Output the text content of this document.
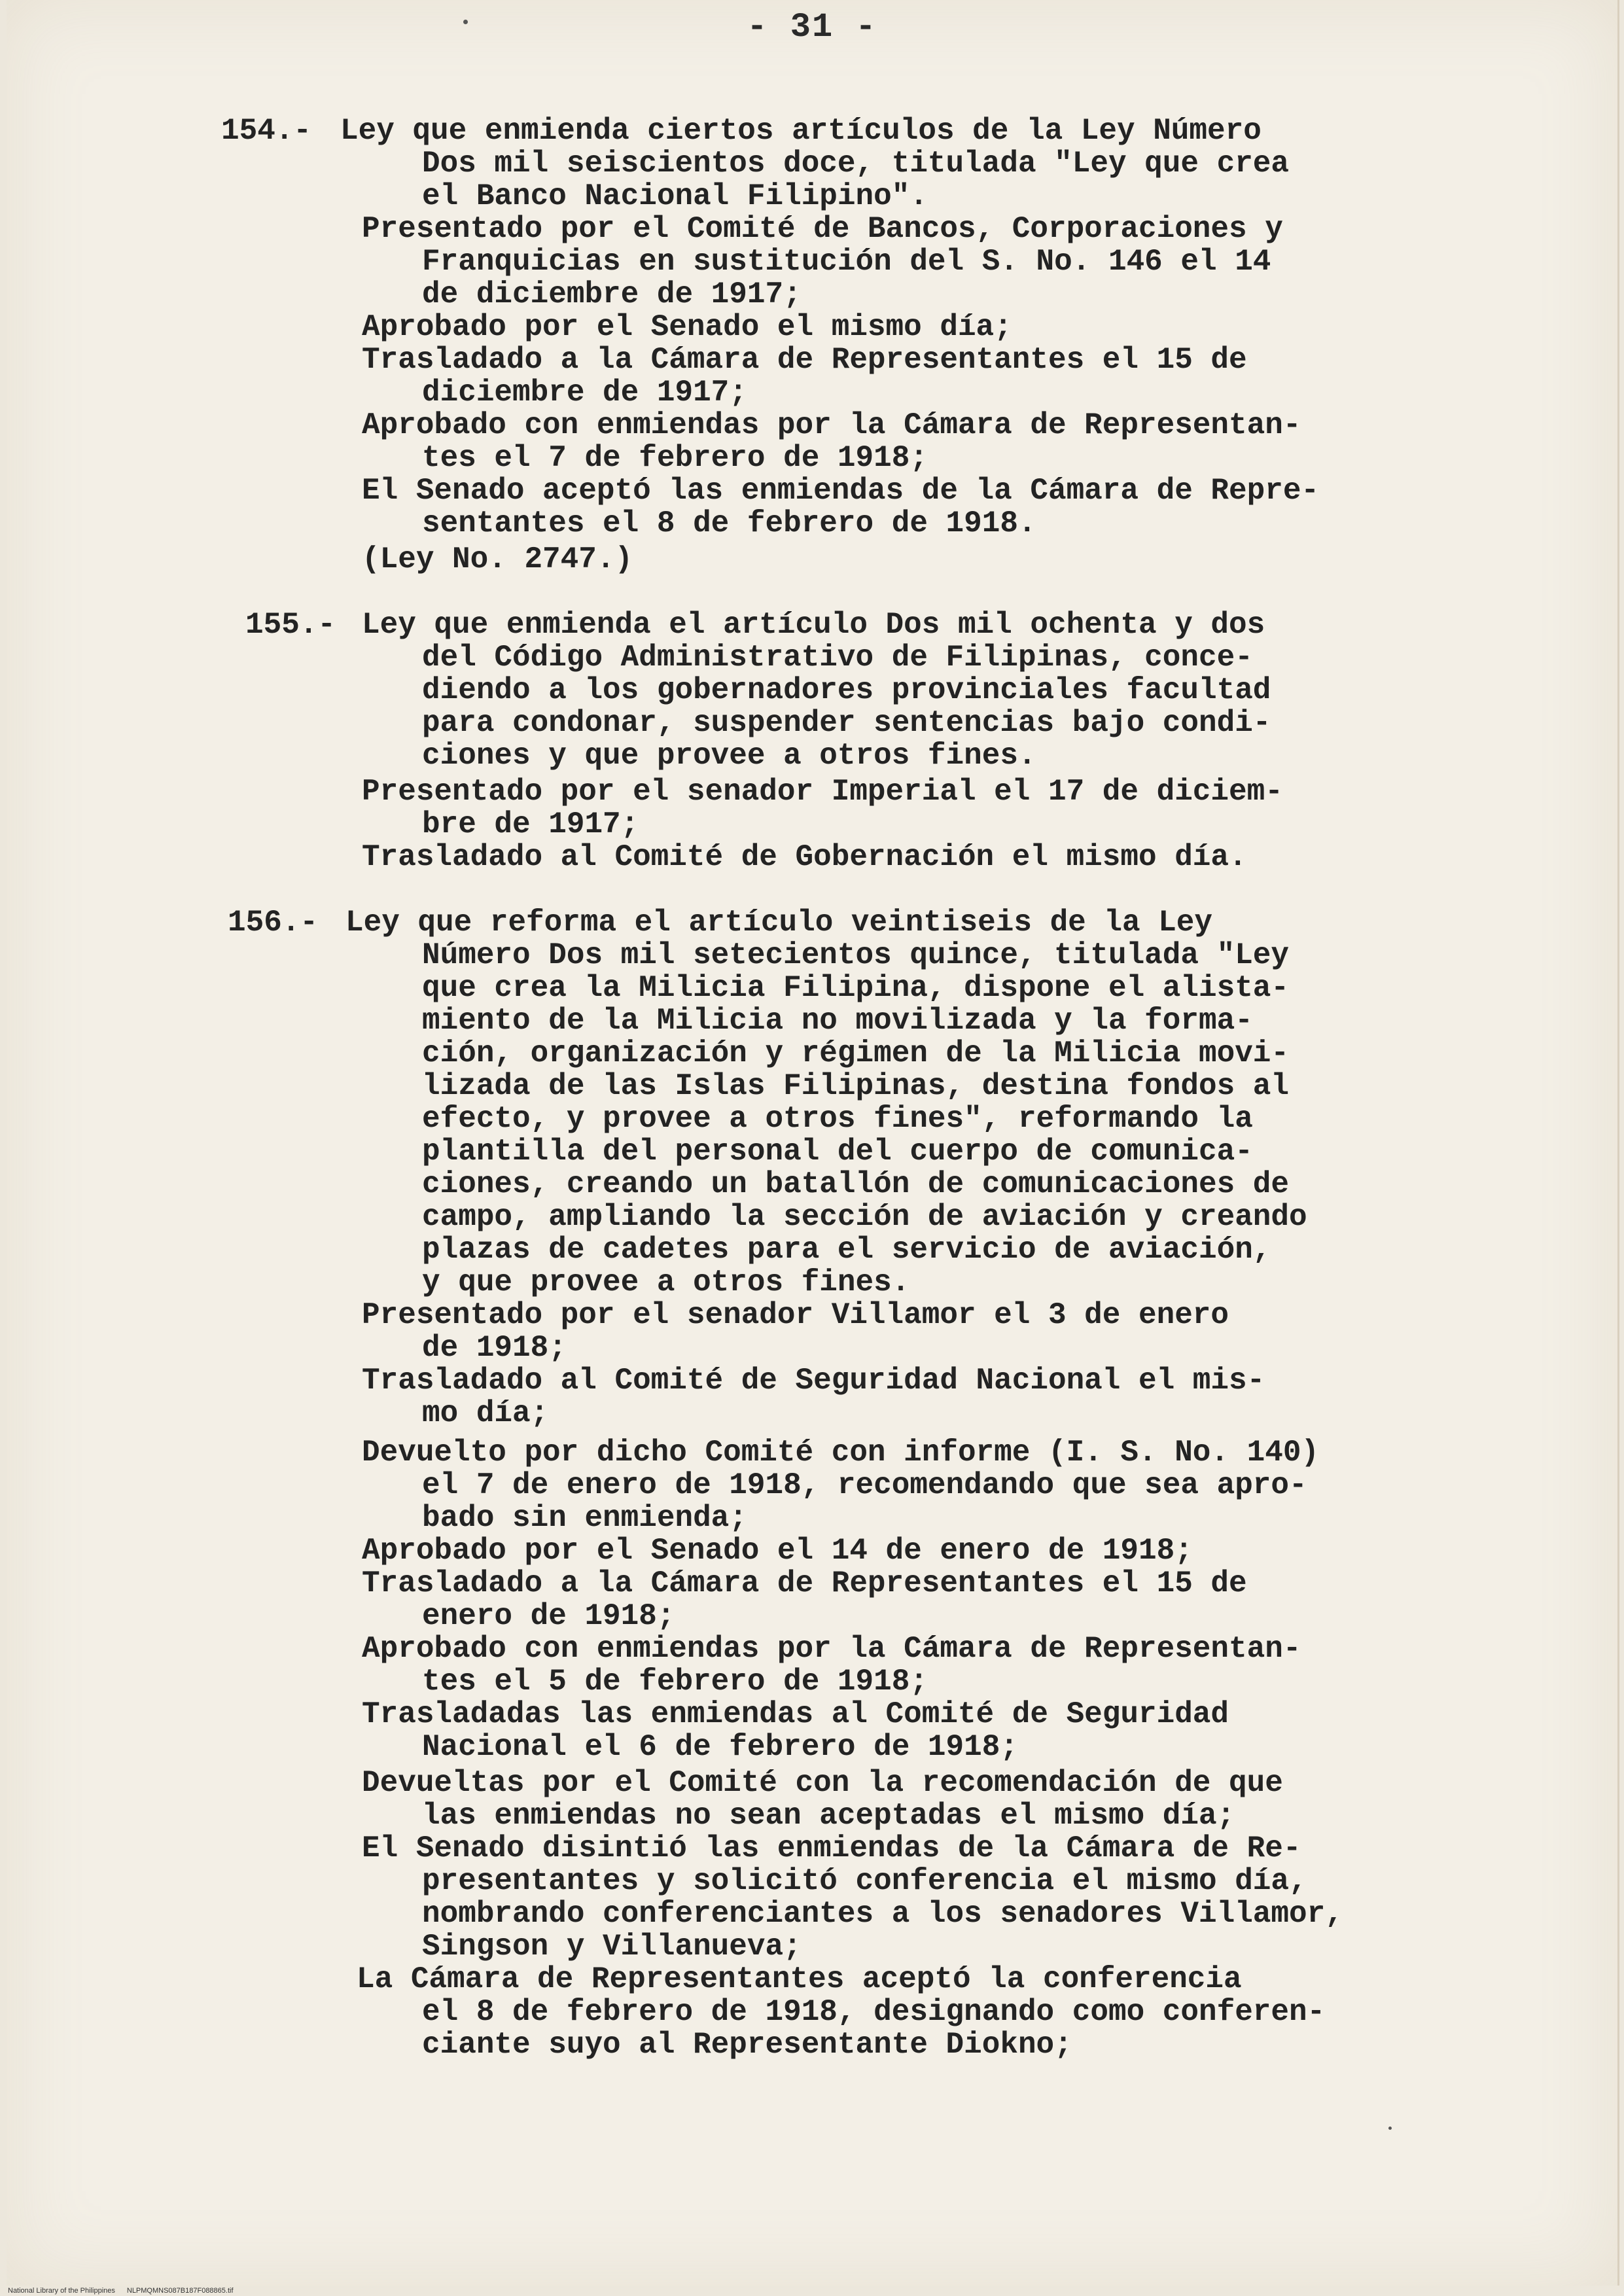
- 31 -

154.-

Ley que enmienda ciertos artículos de la Ley Número

Dos mil seiscientos doce, titulada "Ley que crea

el Banco Nacional Filipino".

Presentado por el Comité de Bancos, Corporaciones y

Franquicias en sustitución del S. No. 146 el 14

de diciembre de 1917;

Aprobado por el Senado el mismo día;

Trasladado a la Cámara de Representantes el 15 de

diciembre de 1917;

Aprobado con enmiendas por la Cámara de Representan-

tes el 7 de febrero de 1918;

El Senado aceptó las enmiendas de la Cámara de Repre-

sentantes el 8 de febrero de 1918.

(Ley No. 2747.)

155.-

Ley que enmienda el artículo Dos mil ochenta y dos

del Código Administrativo de Filipinas, conce-

diendo a los gobernadores provinciales facultad

para condonar, suspender sentencias bajo condi-

ciones y que provee a otros fines.

Presentado por el senador Imperial el 17 de diciem-

bre de 1917;

Trasladado al Comité de Gobernación el mismo día.

156.-

Ley que reforma el artículo veintiseis de la Ley

Número Dos mil setecientos quince, titulada "Ley

que crea la Milicia Filipina, dispone el alista-

miento de la Milicia no movilizada y la forma-

ción, organización y régimen de la Milicia movi-

lizada de las Islas Filipinas, destina fondos al

efecto, y provee a otros fines", reformando la

plantilla del personal del cuerpo de comunica-

ciones, creando un batallón de comunicaciones de

campo, ampliando la sección de aviación y creando

plazas de cadetes para el servicio de aviación,

y que provee a otros fines.

Presentado por el senador Villamor el 3 de enero

de 1918;

Trasladado al Comité de Seguridad Nacional el mis-

mo día;

Devuelto por dicho Comité con informe (I. S. No. 140)

el 7 de enero de 1918, recomendando que sea apro-

bado sin enmienda;

Aprobado por el Senado el 14 de enero de 1918;

Trasladado a la Cámara de Representantes el 15 de

enero de 1918;

Aprobado con enmiendas por la Cámara de Representan-

tes el 5 de febrero de 1918;

Trasladadas las enmiendas al Comité de Seguridad

Nacional el 6 de febrero de 1918;

Devueltas por el Comité con la recomendación de que

las enmiendas no sean aceptadas el mismo día;

El Senado disintió las enmiendas de la Cámara de Re-

presentantes y solicitó conferencia el mismo día,

nombrando conferenciantes a los senadores Villamor,

Singson y Villanueva;

La Cámara de Representantes aceptó la conferencia

el 8 de febrero de 1918, designando como conferen-

ciante suyo al Representante Diokno;

National Library of the Philippines NLPMQMNS087B187F088865.tif
